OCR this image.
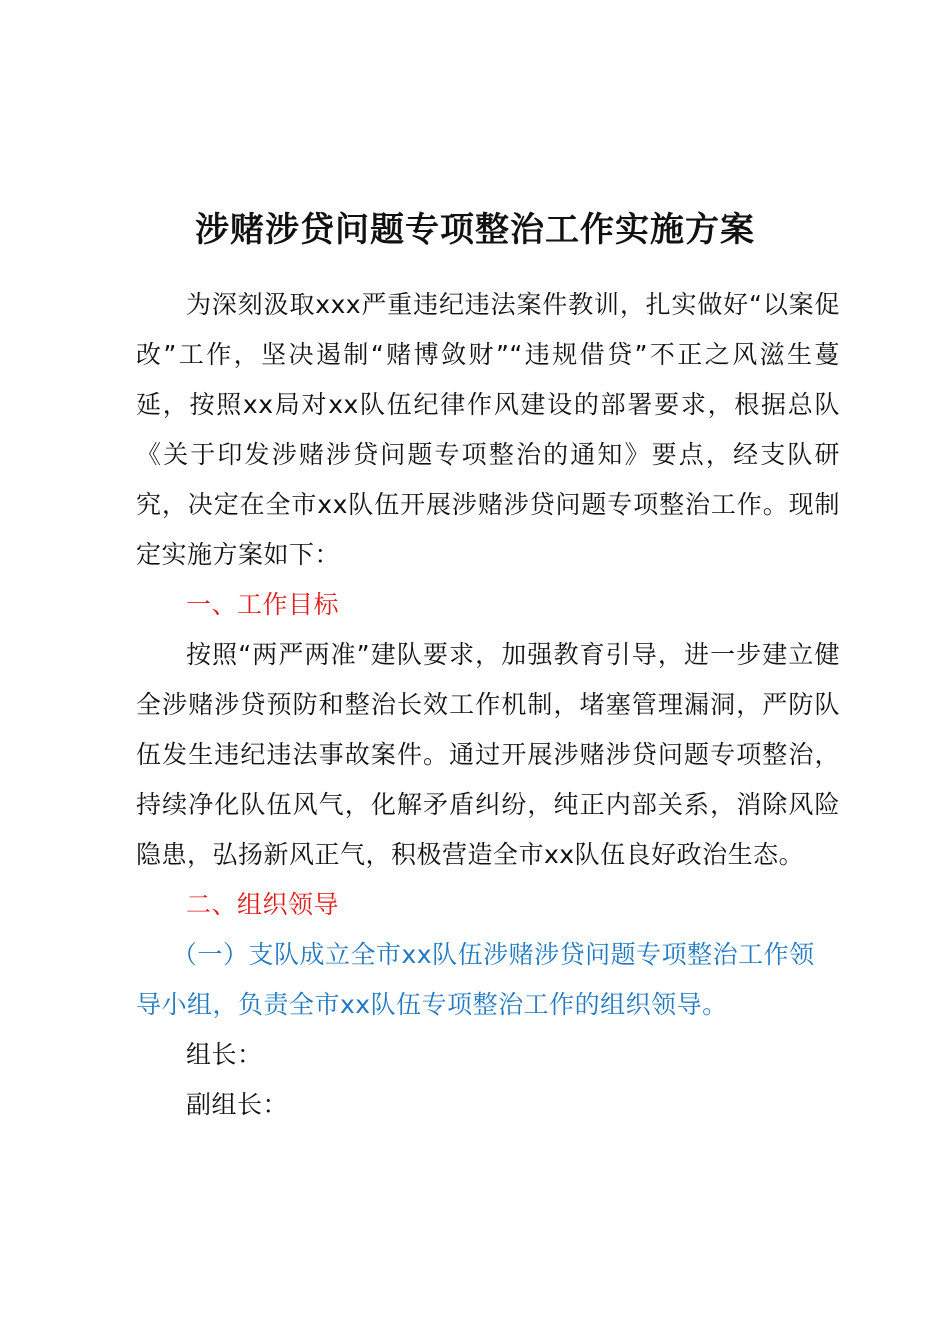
涉赌涉贷问题专项整治工作实施方案

为深刻汲取xxx严重违纪违法案件教训，扎实做好“以案促改”工作，坚决遏制“赌博敛财”“违规借贷”不正之风滋生蔓延，按照xx局对xx队伍纪律作风建设的部署要求，根据总队《关于印发涉赌涉贷问题专项整治的通知》要点，经支队研究，决定在全市xx队伍开展涉赌涉贷问题专项整治工作。现制定实施方案如下：

一、工作目标

按照“两严两准”建队要求，加强教育引导，进一步建立健全涉赌涉贷预防和整治长效工作机制，堵塞管理漏洞，严防队伍发生违纪违法事故案件。通过开展涉赌涉贷问题专项整治，持续净化队伍风气，化解矛盾纠纷，纯正内部关系，消除风险隐患，弘扬新风正气，积极营造全市xx队伍良好政治生态。

二、组织领导

（一）支队成立全市xx队伍涉赌涉贷问题专项整治工作领导小组，负责全市xx队伍专项整治工作的组织领导。

组长：

副组长：
